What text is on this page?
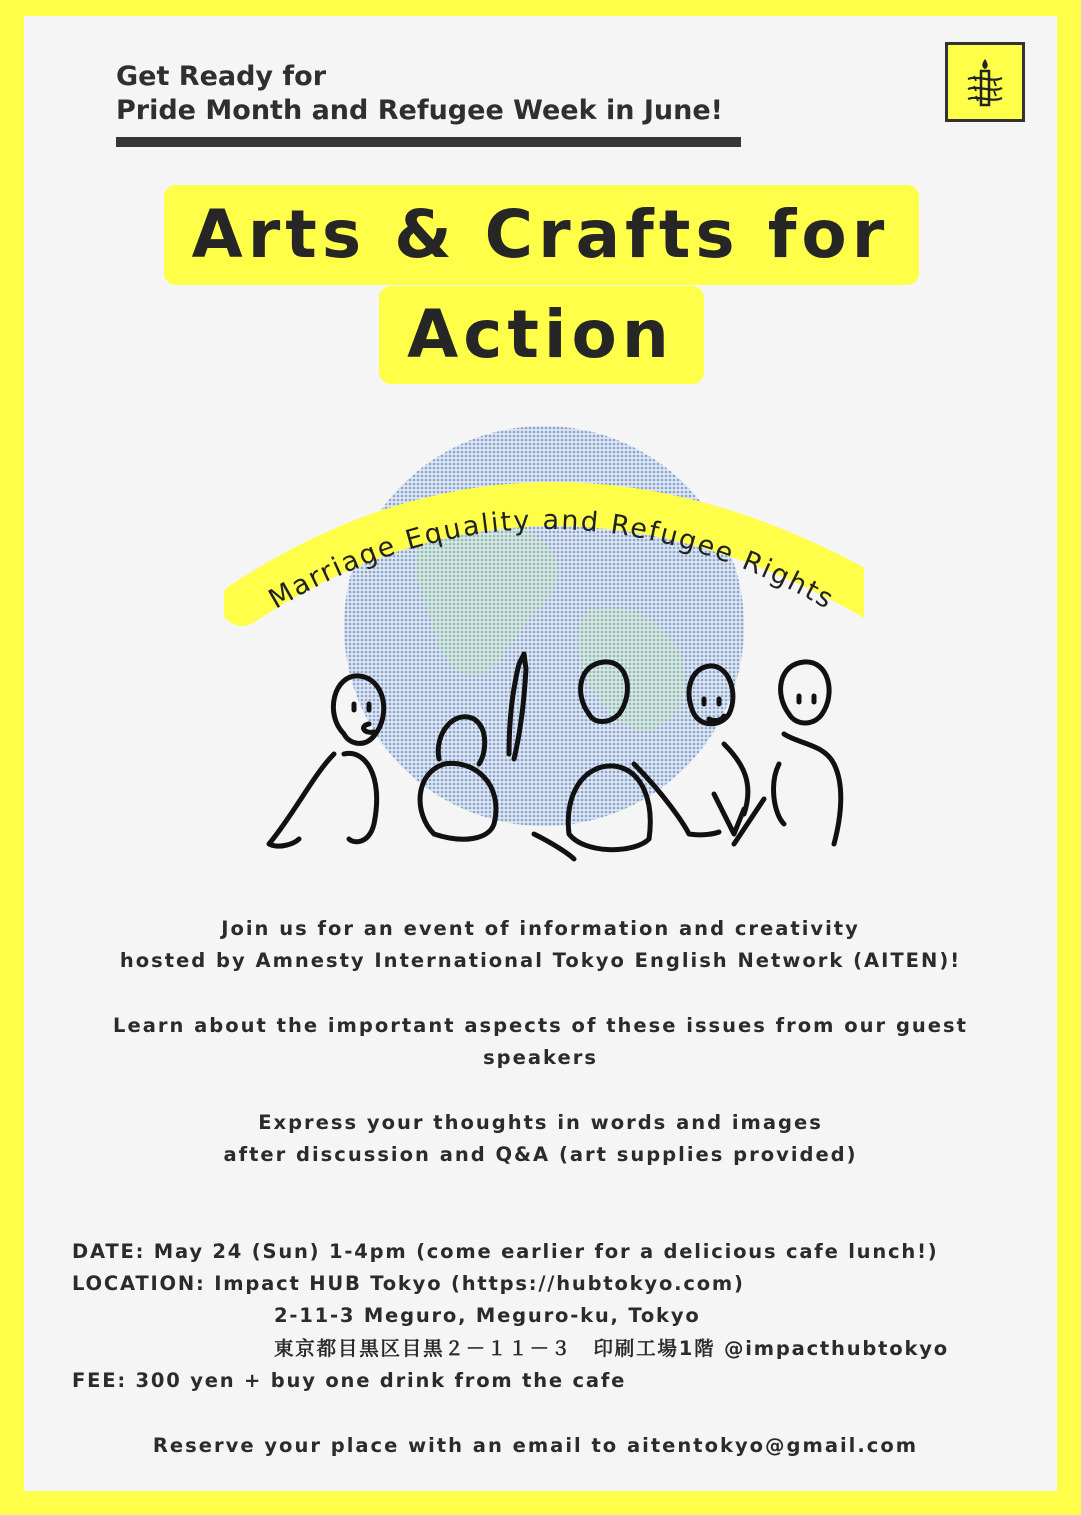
Get Ready for
Pride Month and Refugee Week in June!
Arts & Crafts for
Action
Marriage Equality and Refugee Rights
Join us for an event of information and creativity
hosted by Amnesty International Tokyo English Network (AITEN)!
Learn about the important aspects of these issues from our guest
speakers
Express your thoughts in words and images
after discussion and Q&A (art supplies provided)
DATE: May 24 (Sun) 1-4pm (come earlier for a delicious cafe lunch!)
LOCATION: Impact HUB Tokyo (https://hubtokyo.com)
2-11-3 Meguro, Meguro-ku, Tokyo
東京都目黒区目黒２－１１－３　印刷工場1階 @impacthubtokyo
FEE: 300 yen + buy one drink from the cafe
Reserve your place with an email to aitentokyo@gmail.com
